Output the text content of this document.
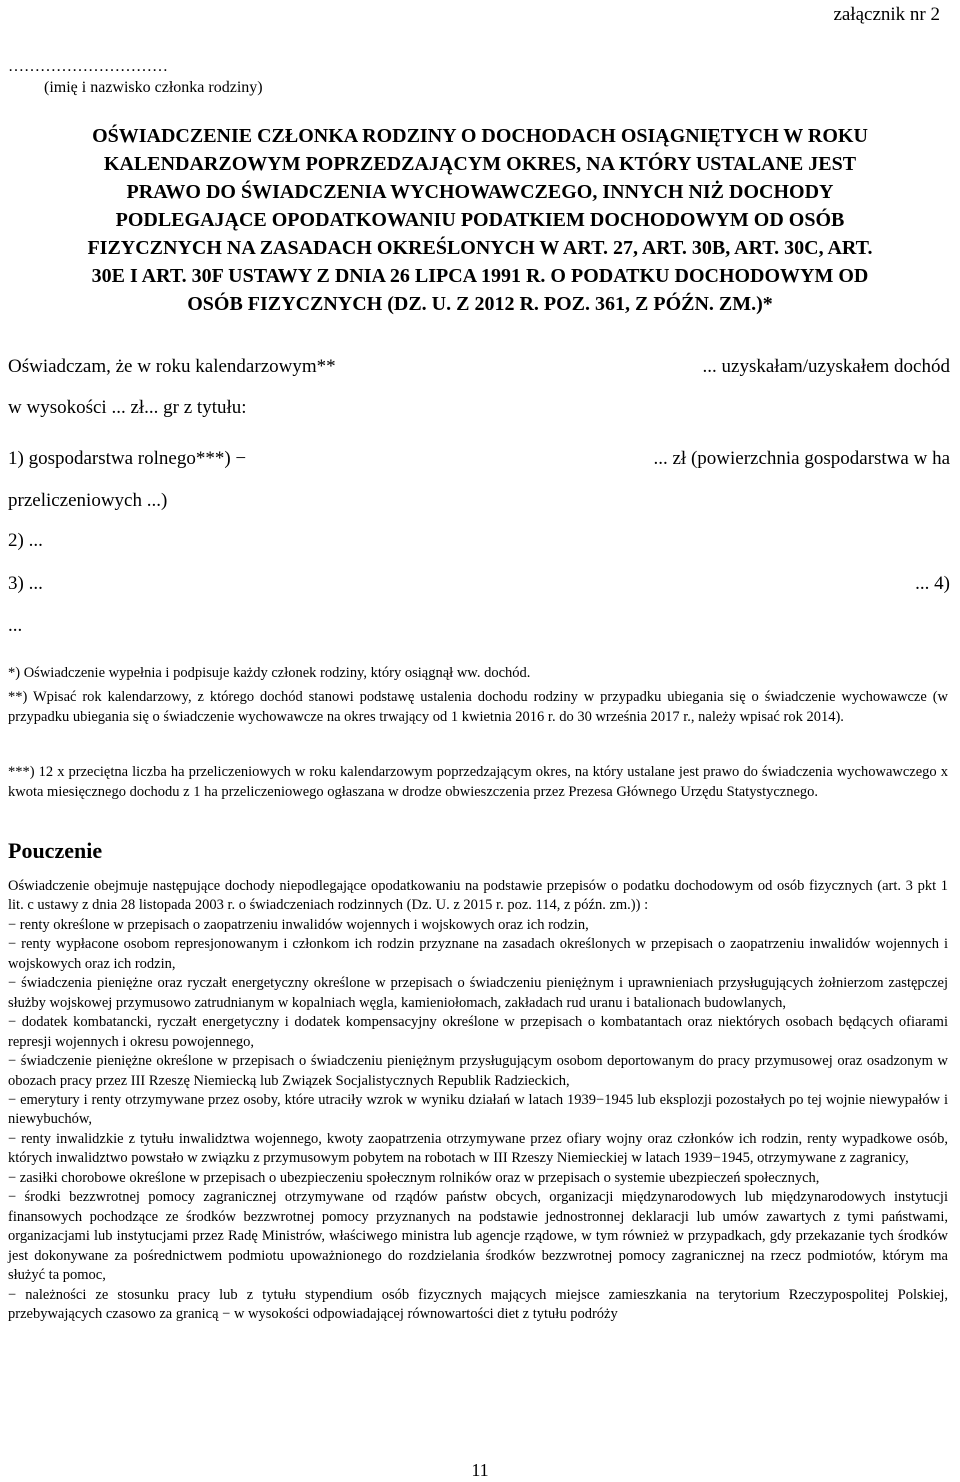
załącznik nr 2
…………………………
(imię i nazwisko członka rodziny)
OŚWIADCZENIE CZŁONKA RODZINY O DOCHODACH OSIĄGNIĘTYCH W ROKU
KALENDARZOWYM POPRZEDZAJĄCYM OKRES, NA KTÓRY USTALANE JEST
PRAWO DO ŚWIADCZENIA WYCHOWAWCZEGO, INNYCH NIŻ DOCHODY
PODLEGAJĄCE OPODATKOWANIU PODATKIEM DOCHODOWYM OD OSÓB
FIZYCZNYCH NA ZASADACH OKREŚLONYCH W ART. 27, ART. 30B, ART. 30C, ART.
30E I ART. 30F USTAWY Z DNIA 26 LIPCA 1991 R. O PODATKU DOCHODOWYM OD
OSÓB FIZYCZNYCH (DZ. U. Z 2012 R. POZ. 361, Z PÓŹN. ZM.)*
Oświadczam, że w roku kalendarzowym**	... uzyskałam/uzyskałem dochód
w wysokości ... zł... gr z tytułu:
1) gospodarstwa rolnego***) −	... zł (powierzchnia gospodarstwa w ha
przeliczeniowych ...)
2) ...
3) ...	... 4)
...
*) Oświadczenie wypełnia i podpisuje każdy członek rodziny, który osiągnął ww. dochód.
**) Wpisać rok kalendarzowy, z którego dochód stanowi podstawę ustalenia dochodu rodziny w przypadku ubiegania się o świadczenie wychowawcze (w przypadku ubiegania się o świadczenie wychowawcze na okres trwający od 1 kwietnia 2016 r. do 30 września 2017 r., należy wpisać rok 2014).
***) 12 x przeciętna liczba ha przeliczeniowych w roku kalendarzowym poprzedzającym okres, na który ustalane jest prawo do świadczenia wychowawczego x kwota miesięcznego dochodu z 1 ha przeliczeniowego ogłaszana w drodze obwieszczenia przez Prezesa Głównego Urzędu Statystycznego.
Pouczenie

Oświadczenie obejmuje następujące dochody niepodlegające opodatkowaniu na podstawie przepisów o podatku dochodowym od osób fizycznych (art. 3 pkt 1 lit. c ustawy z dnia 28 listopada 2003 r. o świadczeniach rodzinnych (Dz. U. z 2015 r. poz. 114, z późn. zm.)) :

− renty określone w przepisach o zaopatrzeniu inwalidów wojennych i wojskowych oraz ich rodzin,

− renty wypłacone osobom represjonowanym i członkom ich rodzin przyznane na zasadach określonych w przepisach o zaopatrzeniu inwalidów wojennych i wojskowych oraz ich rodzin,

− świadczenia pieniężne oraz ryczałt energetyczny określone w przepisach o świadczeniu pieniężnym i uprawnieniach przysługujących żołnierzom zastępczej służby wojskowej przymusowo zatrudnianym w kopalniach węgla, kamieniołomach, zakładach rud uranu i batalionach budowlanych,

− dodatek kombatancki, ryczałt energetyczny i dodatek kompensacyjny określone w przepisach o kombatantach oraz niektórych osobach będących ofiarami represji wojennych i okresu powojennego,

− świadczenie pieniężne określone w przepisach o świadczeniu pieniężnym przysługującym osobom deportowanym do pracy przymusowej oraz osadzonym w obozach pracy przez III Rzeszę Niemiecką lub Związek Socjalistycznych Republik Radzieckich,

− emerytury i renty otrzymywane przez osoby, które utraciły wzrok w wyniku działań w latach 1939−1945 lub eksplozji pozostałych po tej wojnie niewypałów i niewybuchów,

− renty inwalidzkie z tytułu inwalidztwa wojennego, kwoty zaopatrzenia otrzymywane przez ofiary wojny oraz członków ich rodzin, renty wypadkowe osób, których inwalidztwo powstało w związku z przymusowym pobytem na robotach w III Rzeszy Niemieckiej w latach 1939−1945, otrzymywane z zagranicy,

− zasiłki chorobowe określone w przepisach o ubezpieczeniu społecznym rolników oraz w przepisach o systemie ubezpieczeń społecznych,

− środki bezzwrotnej pomocy zagranicznej otrzymywane od rządów państw obcych, organizacji międzynarodowych lub międzynarodowych instytucji finansowych pochodzące ze środków bezzwrotnej pomocy przyznanych na podstawie jednostronnej deklaracji lub umów zawartych z tymi państwami, organizacjami lub instytucjami przez Radę Ministrów, właściwego ministra lub agencje rządowe, w tym również w przypadkach, gdy przekazanie tych środków jest dokonywane za pośrednictwem podmiotu upoważnionego do rozdzielania środków bezzwrotnej pomocy zagranicznej na rzecz podmiotów, którym ma służyć ta pomoc,

− należności ze stosunku pracy lub z tytułu stypendium osób fizycznych mających miejsce zamieszkania na terytorium Rzeczypospolitej Polskiej, przebywających czasowo za granicą − w wysokości odpowiadającej równowartości diet z tytułu podróży

11
